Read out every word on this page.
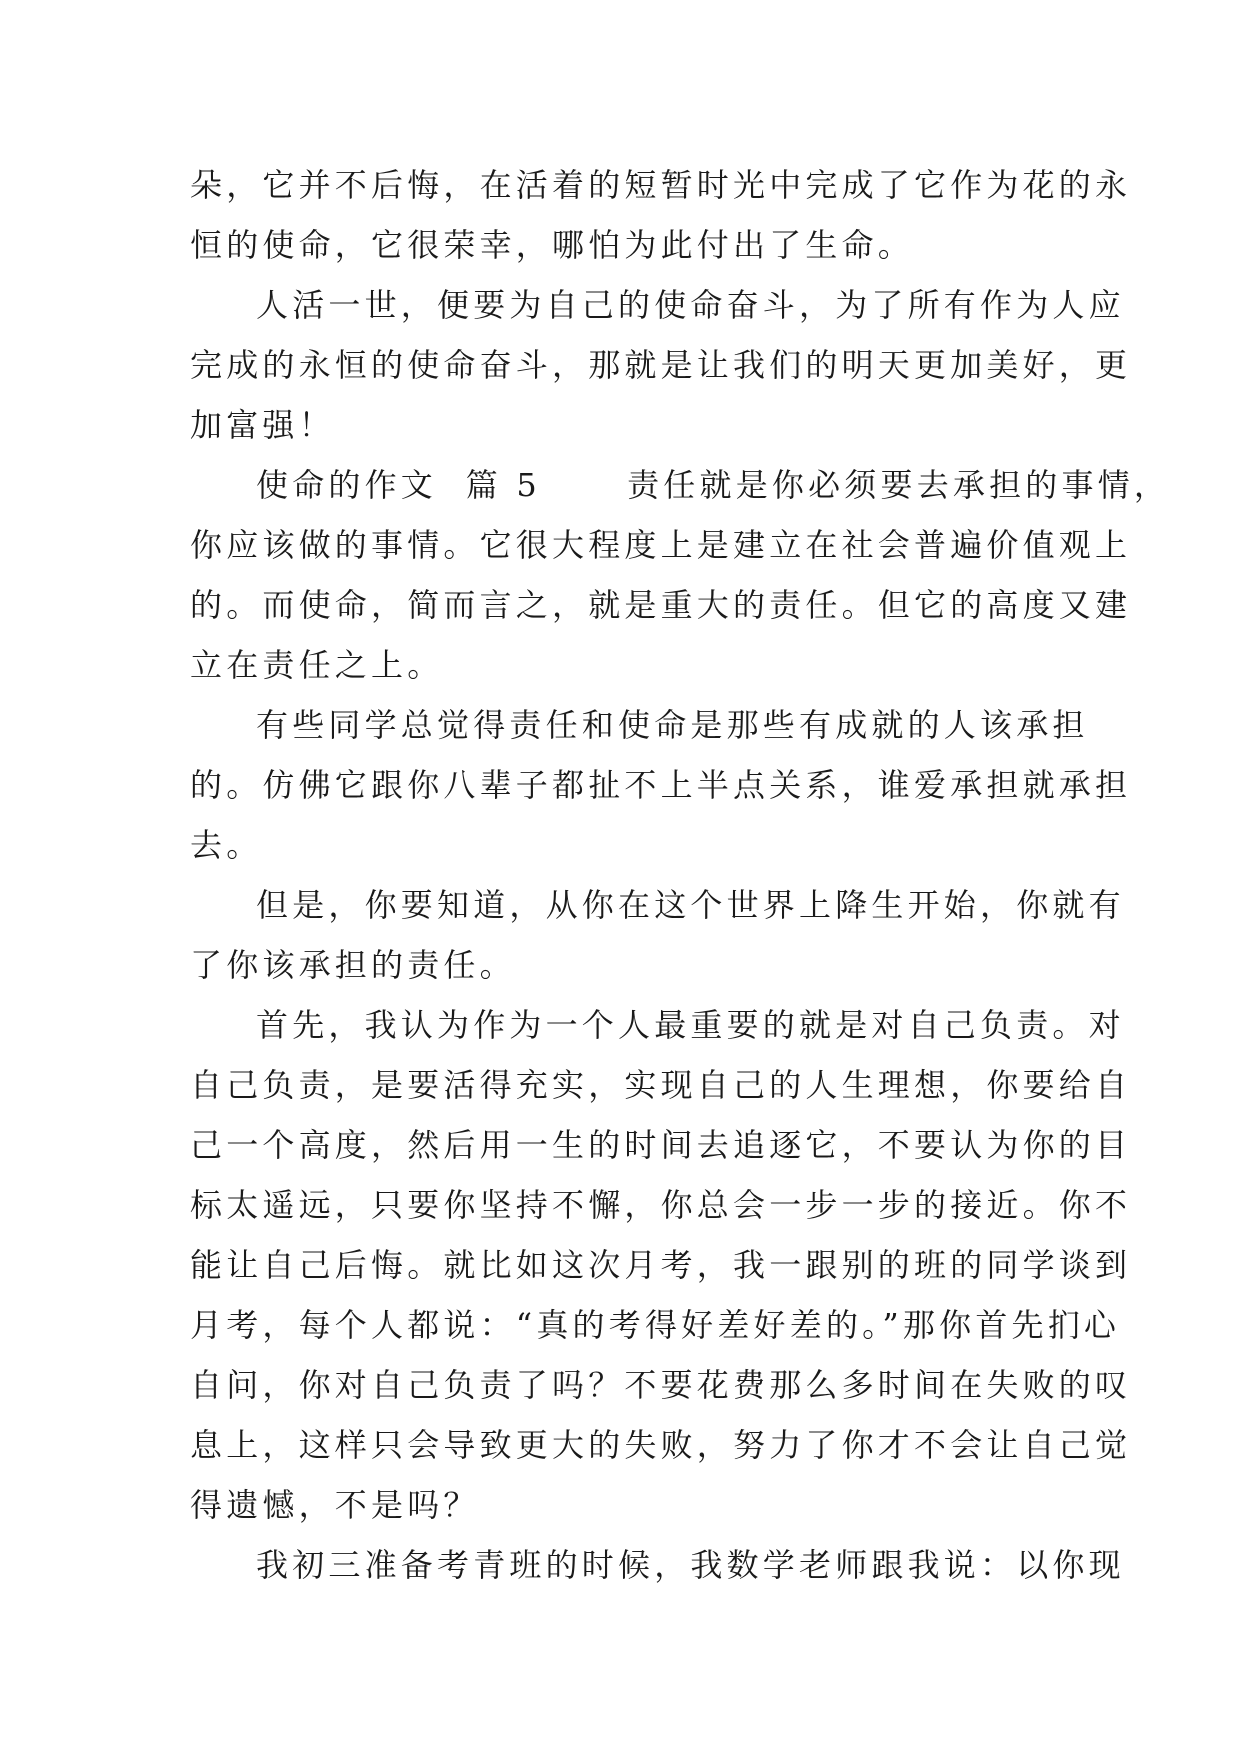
朵，它并不后悔，在活着的短暂时光中完成了它作为花的永
恒的使命，它很荣幸，哪怕为此付出了生命。
人活一世，便要为自己的使命奋斗，为了所有作为人应
完成的永恒的使命奋斗，那就是让我们的明天更加美好，更
加富强！
使命的作文  篇 5      责任就是你必须要去承担的事情，
你应该做的事情。它很大程度上是建立在社会普遍价值观上
的。而使命，简而言之，就是重大的责任。但它的高度又建
立在责任之上。
有些同学总觉得责任和使命是那些有成就的人该承担
的。仿佛它跟你八辈子都扯不上半点关系，谁爱承担就承担
去。
但是，你要知道，从你在这个世界上降生开始，你就有
了你该承担的责任。
首先，我认为作为一个人最重要的就是对自己负责。对
自己负责，是要活得充实，实现自己的人生理想，你要给自
己一个高度，然后用一生的时间去追逐它，不要认为你的目
标太遥远，只要你坚持不懈，你总会一步一步的接近。你不
能让自己后悔。就比如这次月考，我一跟别的班的同学谈到
月考，每个人都说：“真的考得好差好差的。”那你首先扪心
自问，你对自己负责了吗？不要花费那么多时间在失败的叹
息上，这样只会导致更大的失败，努力了你才不会让自己觉
得遗憾，不是吗？
我初三准备考青班的时候，我数学老师跟我说：以你现
